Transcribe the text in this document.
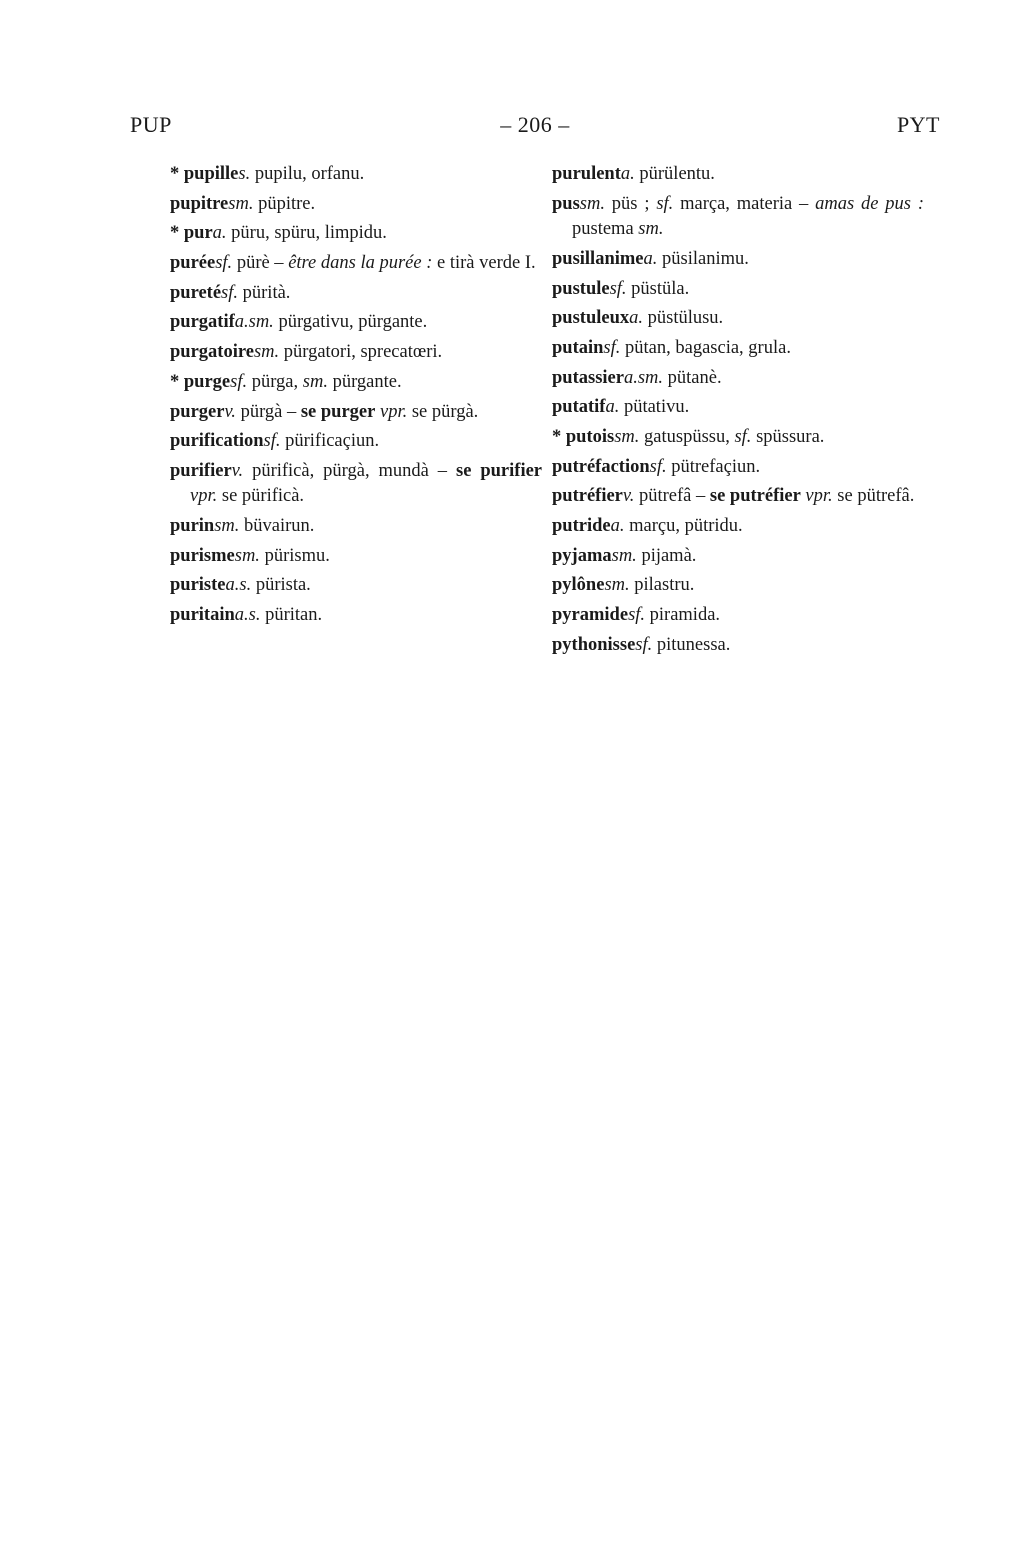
PUP	– 206 –	PYT
* pupilles. pupilu, orfanu.
pupitresm. püpitre.
* pura. püru, spüru, limpidu.
puréesf. pürè – être dans la purée : e tirà verde I.
puretésf. pürità.
purgatifa.sm. pürgativu, pürgante.
purgatoiresm. pürgatori, sprecatœri.
* purgesf. pürga, sm. pürgante.
purgerv. pürgà – se purger vpr. se pürgà.
purificationsf. pürificaçiun.
purifierv. pürificà, pürgà, mundà – se purifier vpr. se pürificà.
purinsm. büvairun.
purismesm. pürismu.
puristea.s. pürista.
puritaina.s. püritan.
purulenta. pürülentu.
pussm. püs ; sf. marça, materia – amas de pus : pustema sm.
pusillanimea. püsilanimu.
pustulesf. püstüla.
pustuleuxa. püstülusu.
putainsf. pütan, bagascia, grula.
putassiera.sm. pütanè.
putatifa. pütativu.
* putoissm. gatuspüssu, sf. spüssura.
putréfactionsf. pütrefaçiun.
putréfierv. pütrefâ – se putréfier vpr. se pütrefâ.
putridea. marçu, pütridu.
pyjamasm. pijamà.
pylônesm. pilastru.
pyramidesf. piramida.
pythonissesf. pitunessa.
